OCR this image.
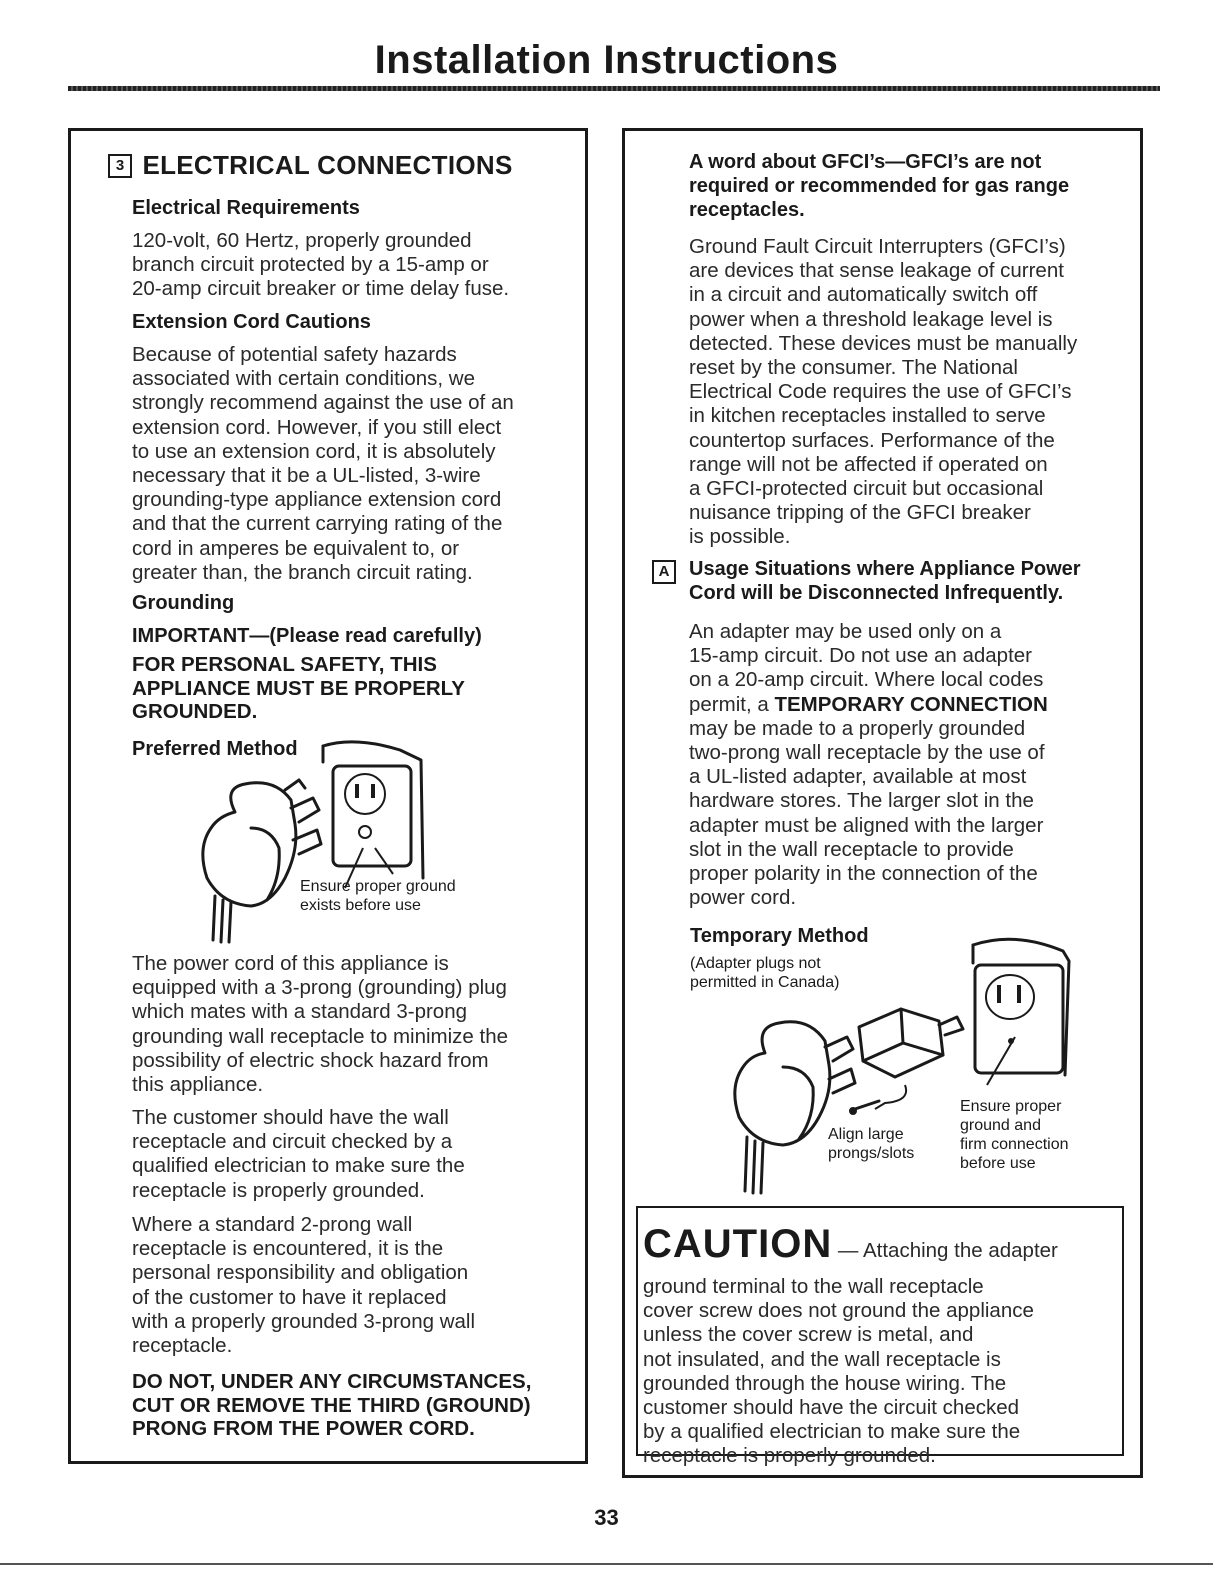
Installation Instructions
3 ELECTRICAL CONNECTIONS

Electrical Requirements

120-volt, 60 Hertz, properly grounded

branch circuit protected by a 15-amp or

20-amp circuit breaker or time delay fuse.

Extension Cord Cautions

Because of potential safety hazards

associated with certain conditions, we

strongly recommend against the use of an

extension cord. However, if you still elect

to use an extension cord, it is absolutely

necessary that it be a UL-listed, 3-wire

grounding-type appliance extension cord

and that the current carrying rating of the

cord in amperes be equivalent to, or

greater than, the branch circuit rating.

Grounding

IMPORTANT—(Please read carefully)

FOR PERSONAL SAFETY, THIS

APPLIANCE MUST BE PROPERLY

GROUNDED.

Preferred Method

Ensure proper ground
exists before use

The power cord of this appliance is

equipped with a 3-prong (grounding) plug

which mates with a standard 3-prong

grounding wall receptacle to minimize the

possibility of electric shock hazard from

this appliance.

The customer should have the wall

receptacle and circuit checked by a

qualified electrician to make sure the

receptacle is properly grounded.

Where a standard 2-prong wall

receptacle is encountered, it is the

personal responsibility and obligation

of the customer to have it replaced

with a properly grounded 3-prong wall

receptacle.

DO NOT, UNDER ANY CIRCUMSTANCES,

CUT OR REMOVE THE THIRD (GROUND)

PRONG FROM THE POWER CORD.

A word about GFCI’s—GFCI’s are not

required or recommended for gas range

receptacles.

Ground Fault Circuit Interrupters (GFCI’s)

are devices that sense leakage of current

in a circuit and automatically switch off

power when a threshold leakage level is

detected. These devices must be manually

reset by the consumer. The National

Electrical Code requires the use of GFCI’s

in kitchen receptacles installed to serve

countertop surfaces. Performance of the

range will not be affected if operated on

a GFCI-protected circuit but occasional

nuisance tripping of the GFCI breaker

is possible.

A Usage Situations where Appliance Power

Cord will be Disconnected Infrequently.

An adapter may be used only on a

15-amp circuit. Do not use an adapter

on a 20-amp circuit. Where local codes

permit, a TEMPORARY CONNECTION

may be made to a properly grounded

two-prong wall receptacle by the use of

a UL-listed adapter, available at most

hardware stores. The larger slot in the

adapter must be aligned with the larger

slot in the wall receptacle to provide

proper polarity in the connection of the

power cord.

Temporary Method

(Adapter plugs not
permitted in Canada)
Align large
prongs/slots
Ensure proper
ground and
firm connection
before use
CAUTION — Attaching the adapter
ground terminal to the wall receptacle
cover screw does not ground the appliance
unless the cover screw is metal, and
not insulated, and the wall receptacle is
grounded through the house wiring. The
customer should have the circuit checked
by a qualified electrician to make sure the
receptacle is properly grounded.
33
